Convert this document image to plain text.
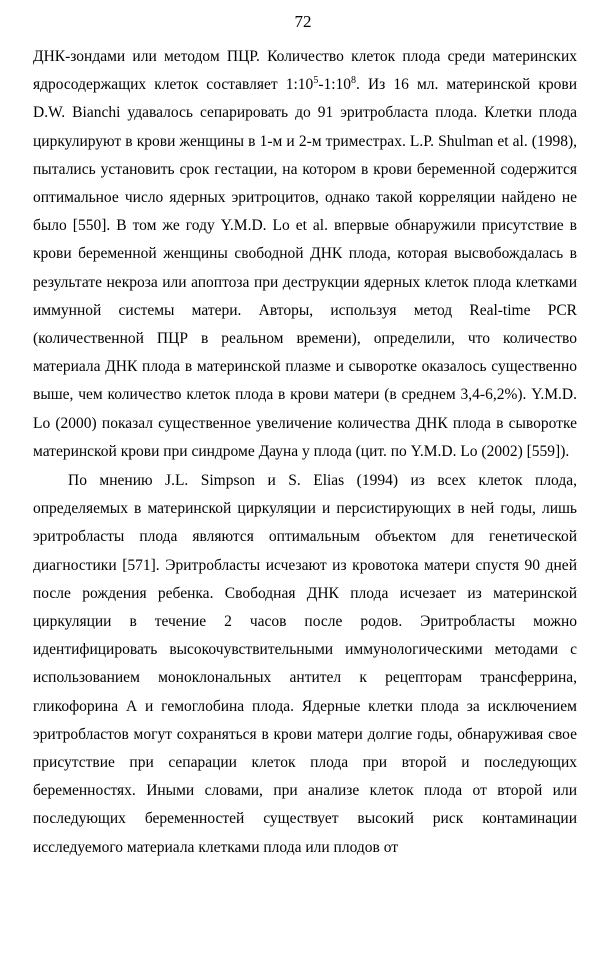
72

ДНК-зондами или методом ПЦР. Количество клеток плода среди материнских ядросодержащих клеток составляет $1:10^5-1:10^8$. Из 16 мл. материнской крови D.W. Bianchi удавалось сепарировать до 91 эритробласта плода. Клетки плода циркулируют в крови женщины в 1-м и 2-м триместрах. L.P. Shulman et al. (1998), пытались установить срок гестации, на котором в крови беременной содержится оптимальное число ядерных эритроцитов, однако такой корреляции найдено не было [550]. В том же году Y.M.D. Lo et al. впервые обнаружили присутствие в крови беременной женщины свободной ДНК плода, которая высвобождалась в результате некроза или апоптоза при деструкции ядерных клеток плода клетками иммунной системы матери. Авторы, используя метод Real-time PCR (количественной ПЦР в реальном времени), определили, что количество материала ДНК плода в материнской плазме и сыворотке оказалось существенно выше, чем количество клеток плода в крови матери (в среднем 3,4-6,2%). Y.M.D. Lo (2000) показал существенное увеличение количества ДНК плода в сыворотке материнской крови при синдроме Дауна у плода (цит. по Y.M.D. Lo (2002) [559]).

По мнению J.L. Simpson и S. Elias (1994) из всех клеток плода, определяемых в материнской циркуляции и персистирующих в ней годы, лишь эритробласты плода являются оптимальным объектом для генетической диагностики [571]. Эритробласты исчезают из кровотока матери спустя 90 дней после рождения ребенка. Свободная ДНК плода исчезает из материнской циркуляции в течение 2 часов после родов. Эритробласты можно идентифицировать высокочувствительными иммунологическими методами с использованием моноклональных антител к рецепторам трансферрина, гликофорина А и гемоглобина плода. Ядерные клетки плода за исключением эритробластов могут сохраняться в крови матери долгие годы, обнаруживая свое присутствие при сепарации клеток плода при второй и последующих беременностях. Иными словами, при анализе клеток плода от второй или последующих беременностей существует высокий риск контаминации исследуемого материала клетками плода или плодов от
